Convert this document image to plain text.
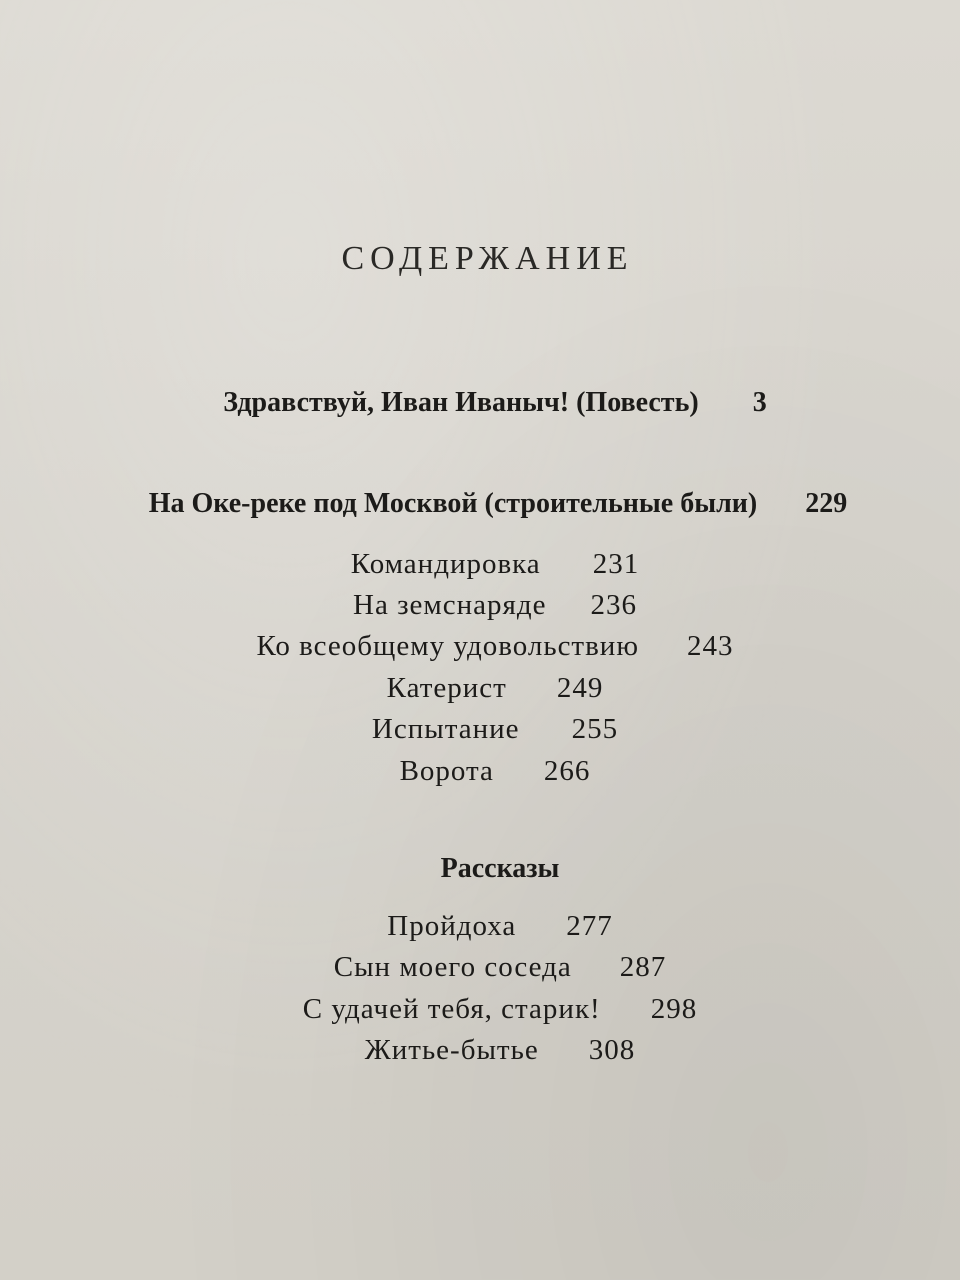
СОДЕРЖАНИЕ
Здравствуй, Иван Иваныч! (Повесть) 3
На Оке-реке под Москвой (строительные были) 229
Командировка 231
На земснаряде 236
Ко всеобщему удовольствию 243
Катерист 249
Испытание 255
Ворота 266
Рассказы
Пройдоха 277
Сын моего соседа 287
С удачей тебя, старик! 298
Житье-бытье 308
